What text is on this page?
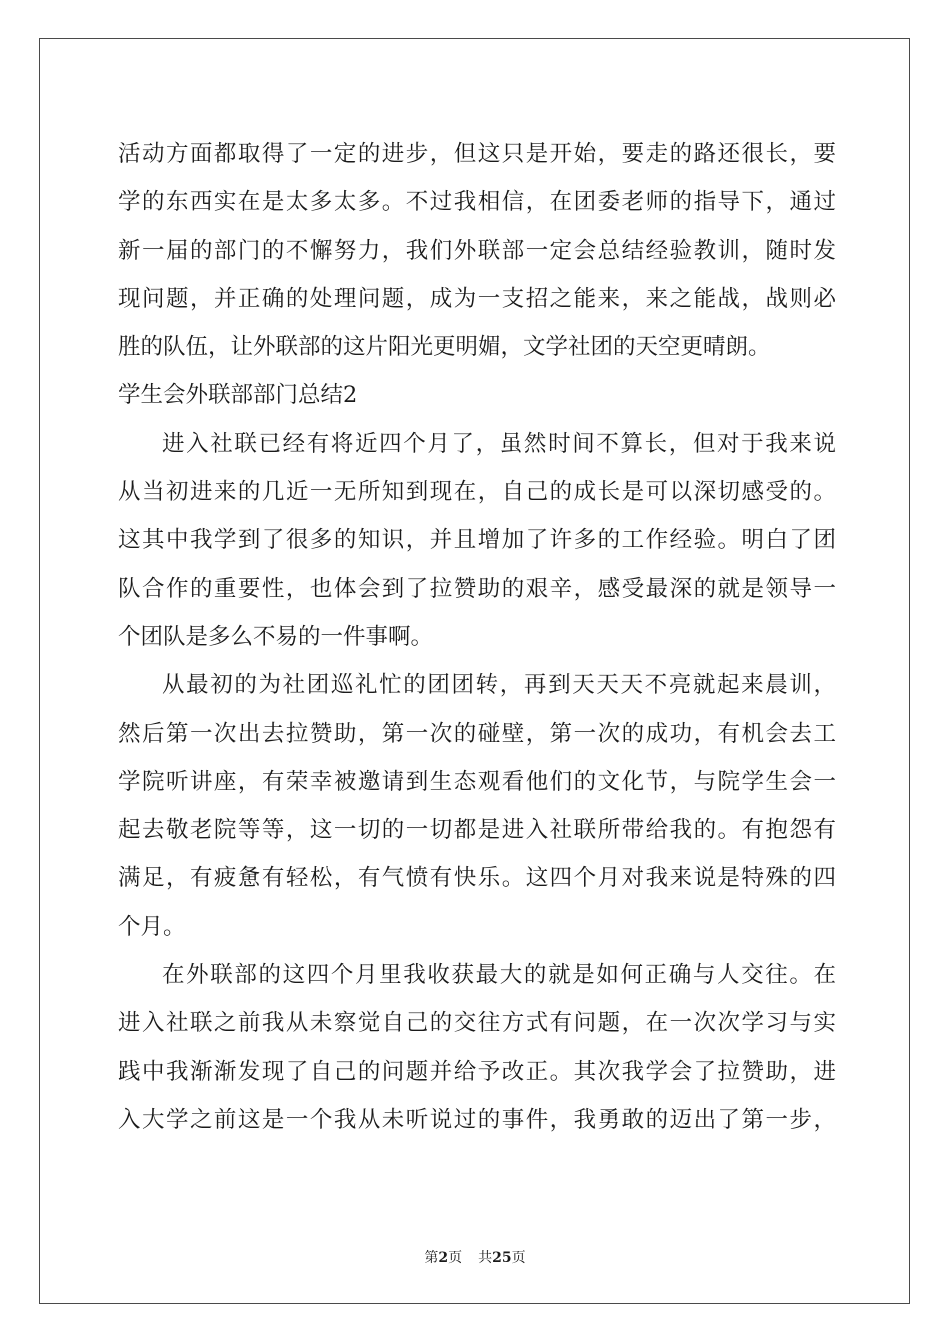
活动方面都取得了一定的进步，但这只是开始，要走的路还很长，要
学的东西实在是太多太多。不过我相信，在团委老师的指导下，通过
新一届的部门的不懈努力，我们外联部一定会总结经验教训，随时发
现问题，并正确的处理问题，成为一支招之能来，来之能战，战则必
胜的队伍，让外联部的这片阳光更明媚，文学社团的天空更晴朗。
学生会外联部部门总结2
进入社联已经有将近四个月了，虽然时间不算长，但对于我来说
从当初进来的几近一无所知到现在，自己的成长是可以深切感受的。
这其中我学到了很多的知识，并且增加了许多的工作经验。明白了团
队合作的重要性，也体会到了拉赞助的艰辛，感受最深的就是领导一
个团队是多么不易的一件事啊。
从最初的为社团巡礼忙的团团转，再到天天天不亮就起来晨训，
然后第一次出去拉赞助，第一次的碰壁，第一次的成功，有机会去工
学院听讲座，有荣幸被邀请到生态观看他们的文化节，与院学生会一
起去敬老院等等，这一切的一切都是进入社联所带给我的。有抱怨有
满足，有疲惫有轻松，有气愤有快乐。这四个月对我来说是特殊的四
个月。
在外联部的这四个月里我收获最大的就是如何正确与人交往。在
进入社联之前我从未察觉自己的交往方式有问题，在一次次学习与实
践中我渐渐发现了自己的问题并给予改正。其次我学会了拉赞助，进
入大学之前这是一个我从未听说过的事件，我勇敢的迈出了第一步，
第2页 共25页
